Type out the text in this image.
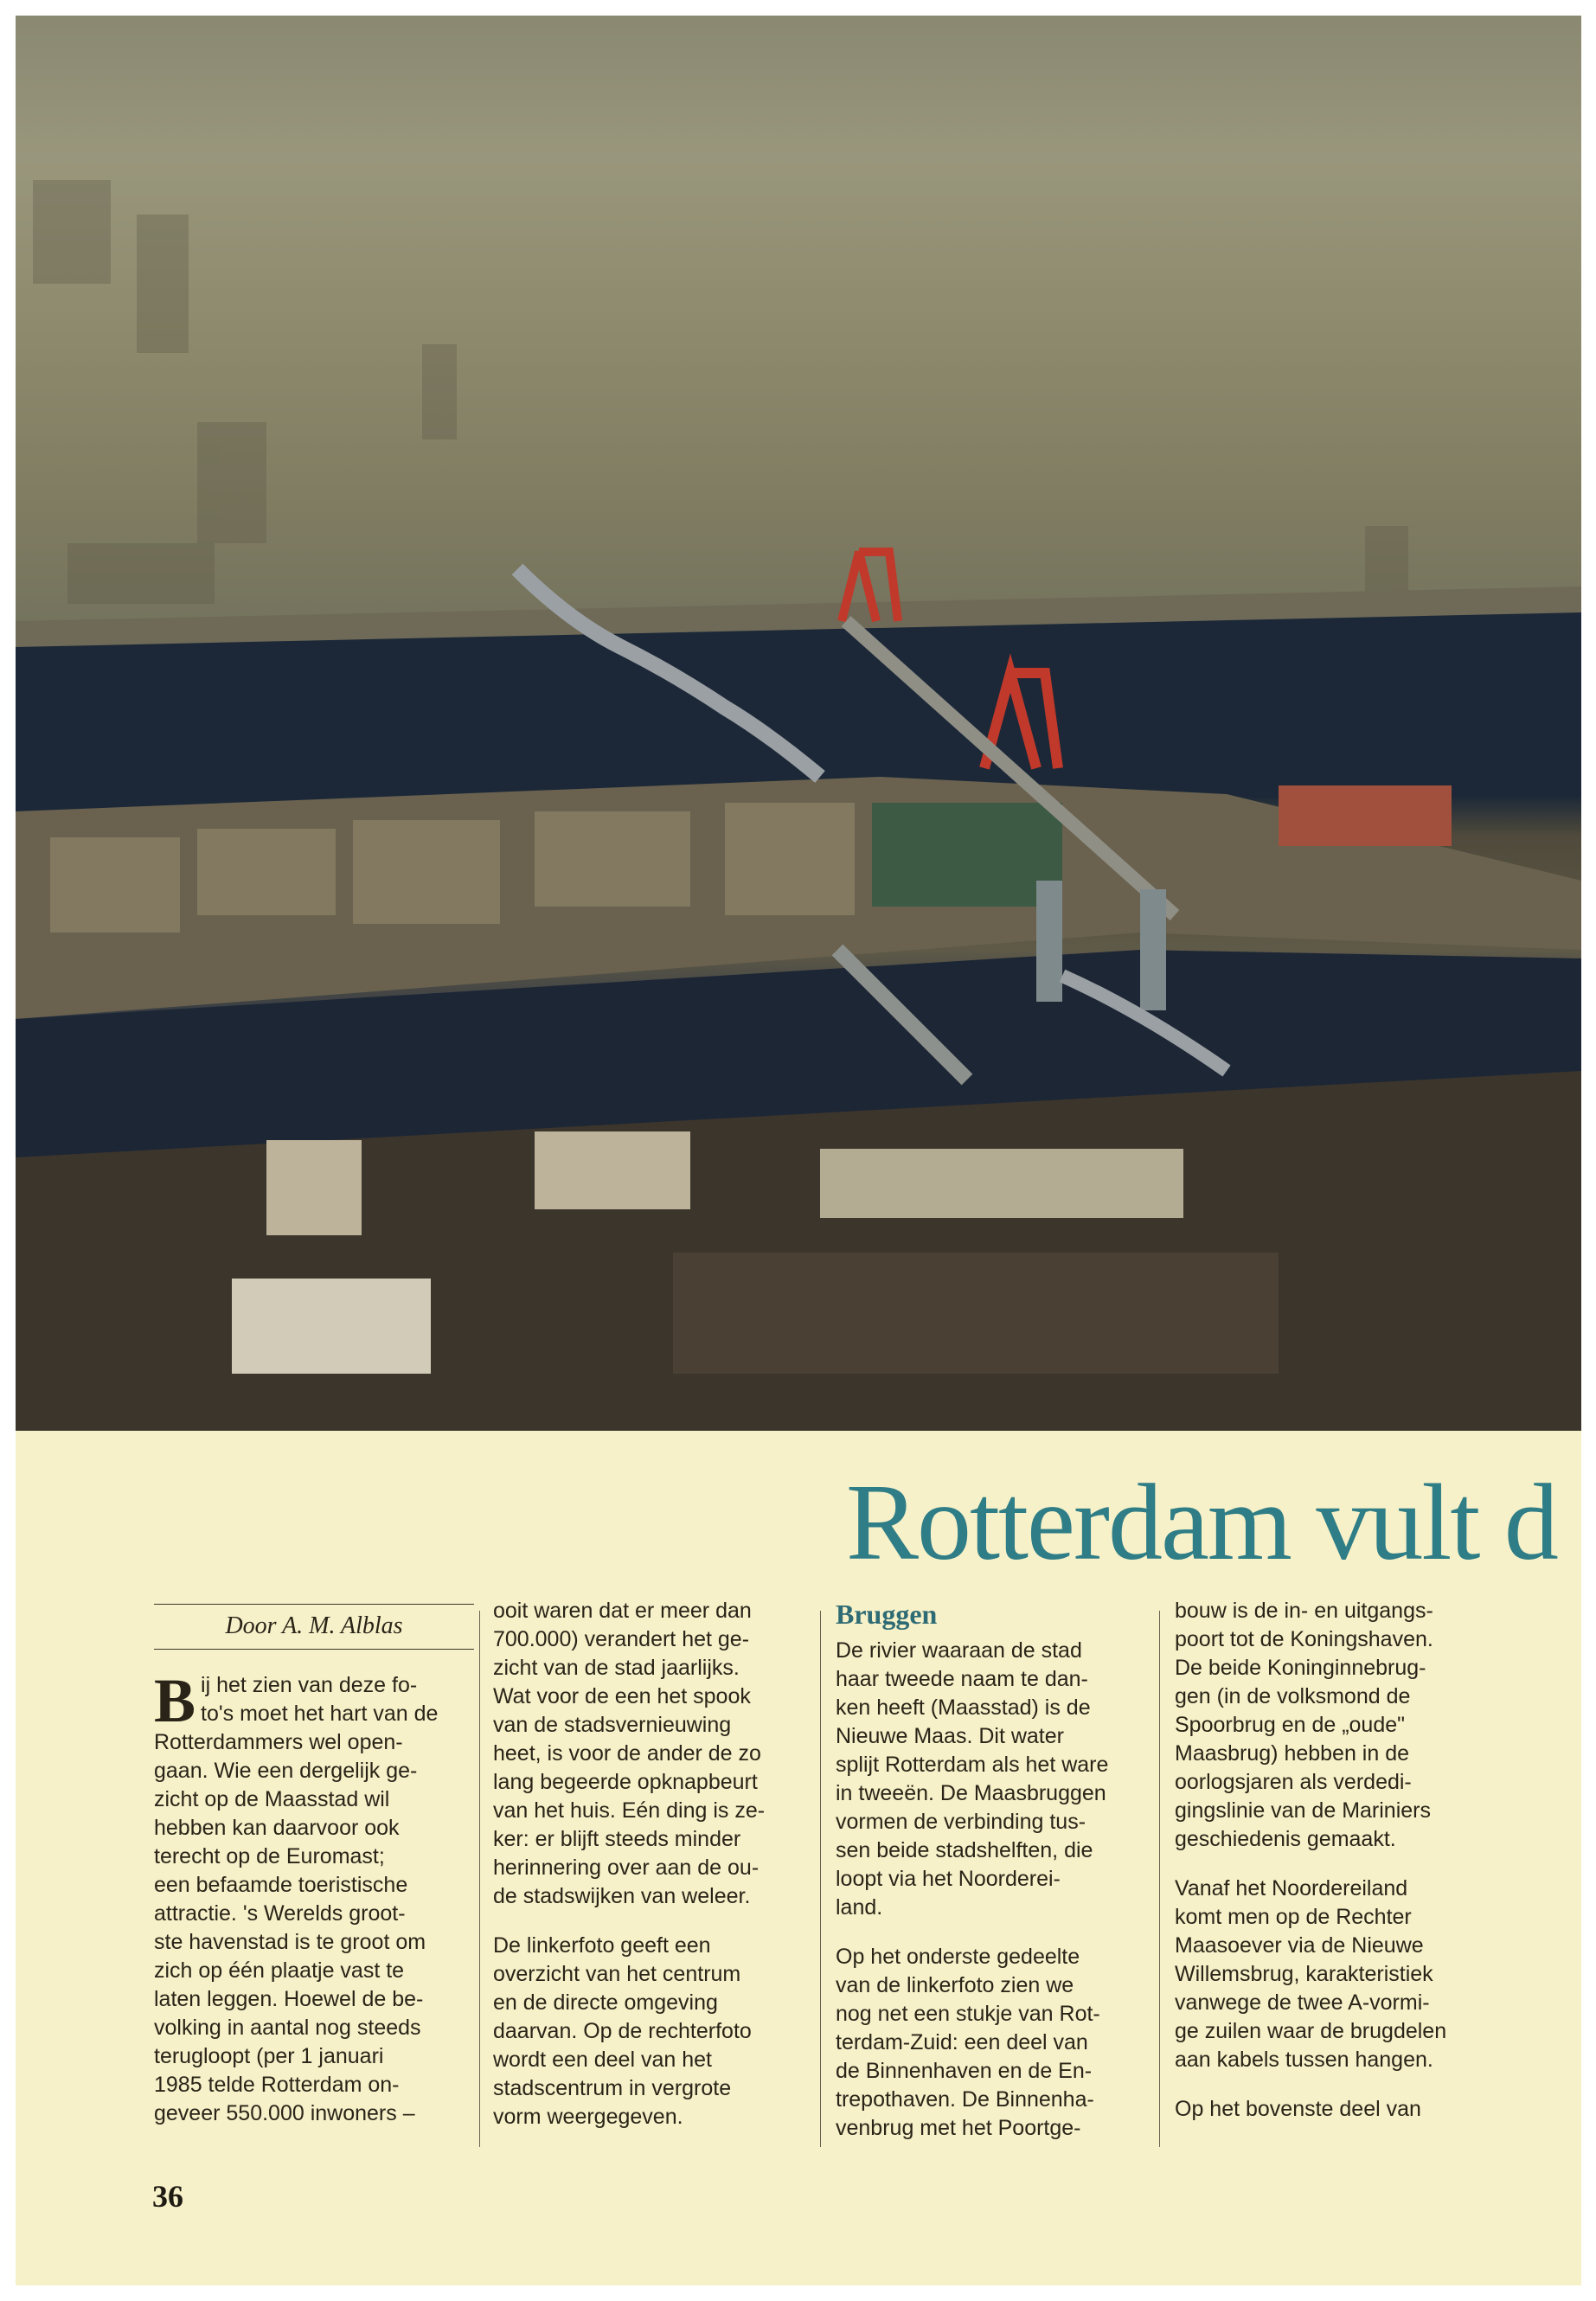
Rotterdam vult d
Door A. M. Alblas

Bij het zien van deze fo-
to's moet het hart van de
Rotterdammers wel open-
gaan. Wie een dergelijk ge-
zicht op de Maasstad wil
hebben kan daarvoor ook
terecht op de Euromast;
een befaamde toeristische
attractie. 's Werelds groot-
ste havenstad is te groot om
zich op één plaatje vast te
laten leggen. Hoewel de be-
volking in aantal nog steeds
terugloopt (per 1 januari
1985 telde Rotterdam on-
geveer 550.000 inwoners –

ooit waren dat er meer dan
700.000) verandert het ge-
zicht van de stad jaarlijks.
Wat voor de een het spook
van de stadsvernieuwing
heet, is voor de ander de zo
lang begeerde opknapbeurt
van het huis. Eén ding is ze-
ker: er blijft steeds minder
herinnering over aan de ou-
de stadswijken van weleer.

De linkerfoto geeft een
overzicht van het centrum
en de directe omgeving
daarvan. Op de rechterfoto
wordt een deel van het
stadscentrum in vergrote
vorm weergegeven.

Bruggen

De rivier waaraan de stad
haar tweede naam te dan-
ken heeft (Maasstad) is de
Nieuwe Maas. Dit water
splijt Rotterdam als het ware
in tweeën. De Maasbruggen
vormen de verbinding tus-
sen beide stadshelften, die
loopt via het Noorderei-
land.

Op het onderste gedeelte
van de linkerfoto zien we
nog net een stukje van Rot-
terdam-Zuid: een deel van
de Binnenhaven en de En-
trepothaven. De Binnenha-
venbrug met het Poortge-

bouw is de in- en uitgangs-
poort tot de Koningshaven.
De beide Koninginnebrug-
gen (in de volksmond de
Spoorbrug en de „oude"
Maasbrug) hebben in de
oorlogsjaren als verdedi-
gingslinie van de Mariniers
geschiedenis gemaakt.

Vanaf het Noordereiland
komt men op de Rechter
Maasoever via de Nieuwe
Willemsbrug, karakteristiek
vanwege de twee A-vormi-
ge zuilen waar de brugdelen
aan kabels tussen hangen.

Op het bovenste deel van

36
